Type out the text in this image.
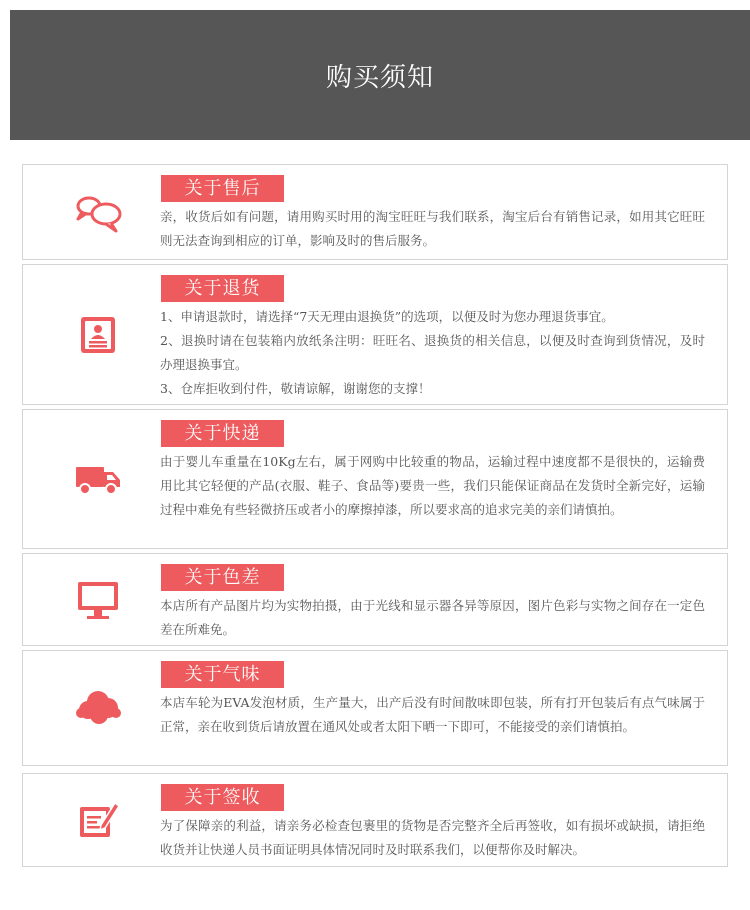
购买须知
关于售后

亲，收货后如有问题，请用购买时用的淘宝旺旺与我们联系，淘宝后台有销售记录，如用其它旺旺则无法查询到相应的订单，影响及时的售后服务。

关于退货

1、申请退款时，请选择“7天无理由退换货”的选项，以便及时为您办理退货事宜。

2、退换时请在包装箱内放纸条注明：旺旺名、退换货的相关信息，以便及时查询到货情况，及时办理退换事宜。

3、仓库拒收到付件，敬请谅解，谢谢您的支撑！

关于快递

由于婴儿车重量在10Kg左右，属于网购中比较重的物品，运输过程中速度都不是很快的，运输费用比其它轻便的产品(衣服、鞋子、食品等)要贵一些，我们只能保证商品在发货时全新完好，运输过程中难免有些轻微挤压或者小的摩擦掉漆，所以要求高的追求完美的亲们请慎拍。

关于色差

本店所有产品图片均为实物拍摄，由于光线和显示器各异等原因，图片色彩与实物之间存在一定色差在所难免。

关于气味

本店车轮为EVA发泡材质，生产量大，出产后没有时间散味即包装，所有打开包装后有点气味属于正常，亲在收到货后请放置在通风处或者太阳下晒一下即可，不能接受的亲们请慎拍。

关于签收

为了保障亲的利益，请亲务必检查包裹里的货物是否完整齐全后再签收，如有损坏或缺损，请拒绝收货并让快递人员书面证明具体情况同时及时联系我们，以便帮你及时解决。
